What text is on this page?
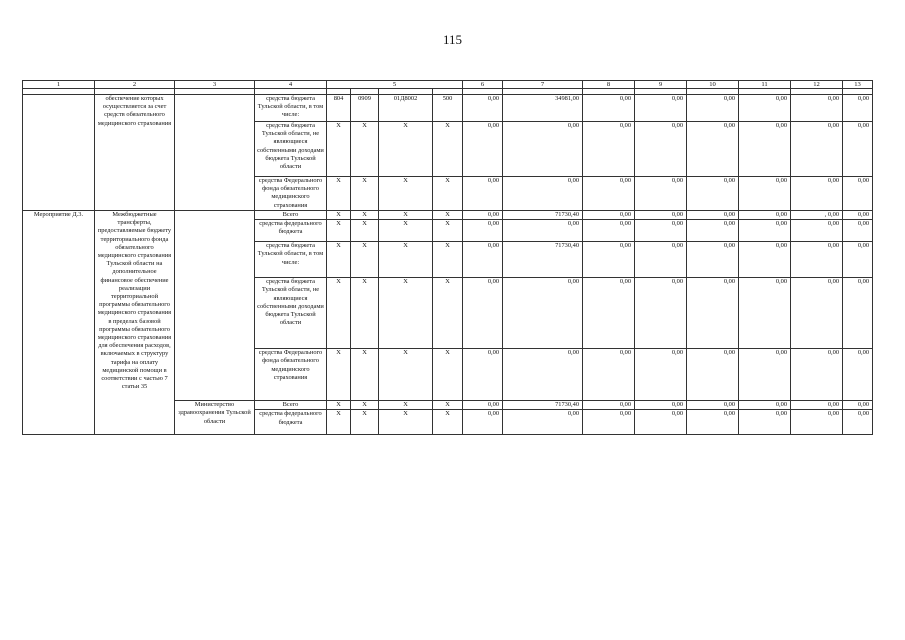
115
1	2	3	4	5				6	7	8	9	10	11	12	13

	обеспечение которых осуществляется за счет средств обязательного медицинского страхования		средства бюджета Тульской области, в том числе:	804	0909	01Д8002	500	0,00	34981,00	0,00	0,00	0,00	0,00	0,00	0,00
			средства бюджета Тульской области, не являющиеся собственными доходами бюджета Тульской области	X	X	X	X	0,00	0,00	0,00	0,00	0,00	0,00	0,00	0,00
			средства Федерального фонда обязательного медицинского страхования	X	X	X	X	0,00	0,00	0,00	0,00	0,00	0,00	0,00	0,00
Мероприятие Д.3.	Межбюджетные трансферты, предоставляемые бюджету территориального фонда обязательного медицинского страхования Тульской области на дополнительное финансовое обеспечение реализации территориальной программы обязательного медицинского страхования в пределах базовой программы обязательного медицинского страхования для обеспечения расходов, включаемых в структуру тарифа на оплату медицинской помощи в соответствии с частью 7 статьи 35		Всего	X	X	X	X	0,00	71730,40	0,00	0,00	0,00	0,00	, 0,00	0,00
			средства федерального бюджета	X	X	X	X	0,00	0,00	0,00	0,00	0,00	0,00	0,00	0,00
			средства бюджета Тульской области, в том числе:	X	X	X	X	0,00	71730,40	0,00	0,00	0,00	0,00	0,00	0,00
			средства бюджета Тульской области, не являющиеся собственными доходами бюджета Тульской области	X	X	X	X	0,00	0,00	0,00	0,00	0,00	0,00	0,00	0,00
			средства Федерального фонда обязательного медицинского страхования	X	X	X	X	0,00	0,00	0,00	0,00	0,00	0,00	0,00	0,00
		Министерство здравоохранения Тульской области	Всего	X	X	X	X	0,00	71730,40	0,00	0,00	0,00	0,00	0,00	0,00
			средства федерального бюджета	X	X	X	X	0,00	0,00	0,00	0,00	0,00	0,00	0,00	0,00
